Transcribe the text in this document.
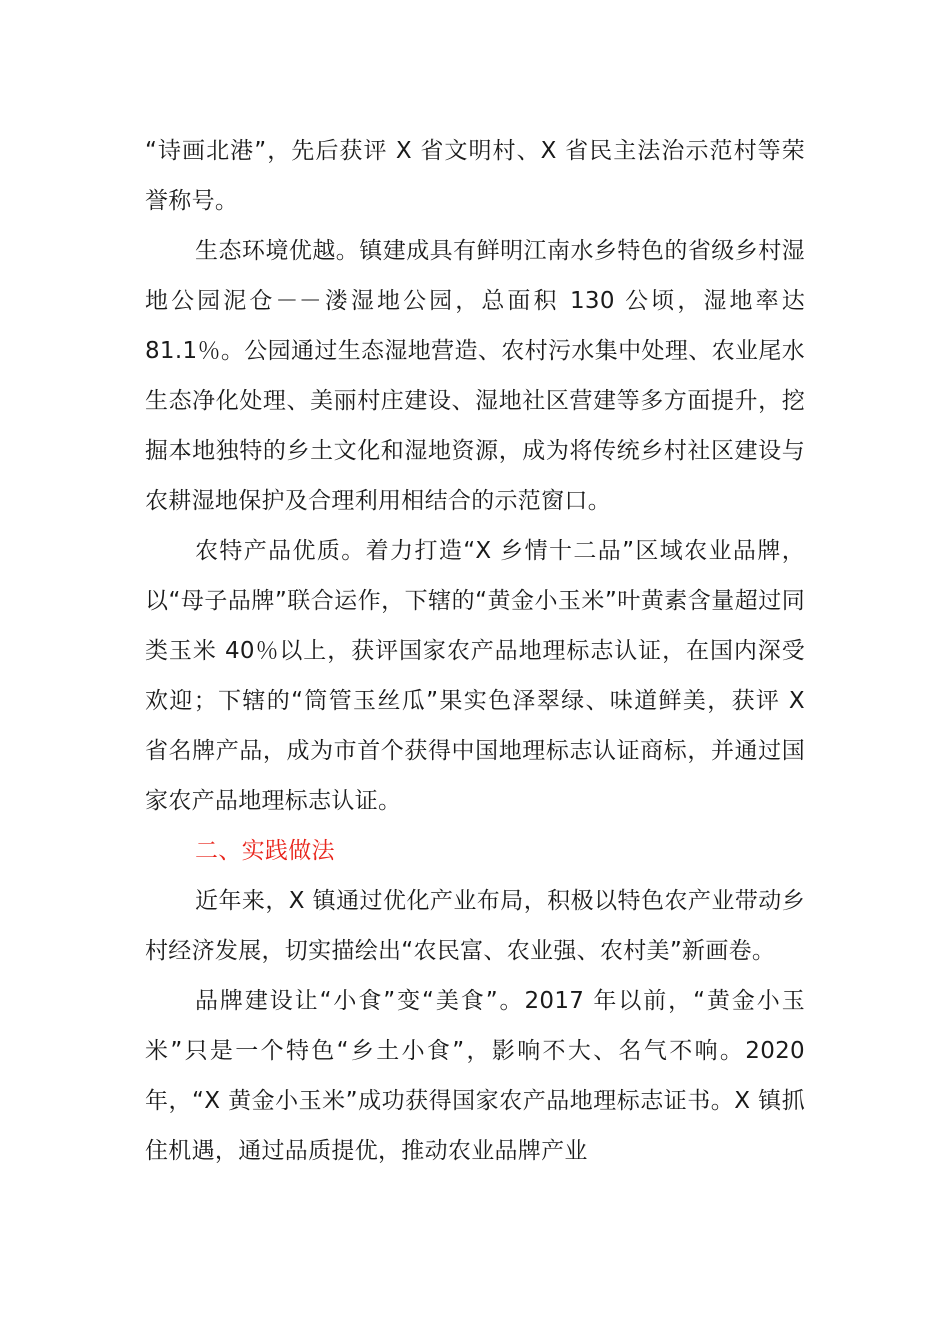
“诗画北港”，先后获评 X 省文明村、X 省民主法治示范村等荣誉称号。

生态环境优越。镇建成具有鲜明江南水乡特色的省级乡村湿地公园泥仓－－溇湿地公园，总面积 130 公顷，湿地率达 81.1％。公园通过生态湿地营造、农村污水集中处理、农业尾水生态净化处理、美丽村庄建设、湿地社区营建等多方面提升，挖掘本地独特的乡土文化和湿地资源，成为将传统乡村社区建设与农耕湿地保护及合理利用相结合的示范窗口。

农特产品优质。着力打造“X 乡情十二品”区域农业品牌，以“母子品牌”联合运作，下辖的“黄金小玉米”叶黄素含量超过同类玉米 40％以上，获评国家农产品地理标志认证，在国内深受欢迎；下辖的“筒管玉丝瓜”果实色泽翠绿、味道鲜美，获评 X 省名牌产品，成为市首个获得中国地理标志认证商标，并通过国家农产品地理标志认证。

二、实践做法

近年来，X 镇通过优化产业布局，积极以特色农产业带动乡村经济发展，切实描绘出“农民富、农业强、农村美”新画卷。

品牌建设让“小食”变“美食”。2017 年以前，“黄金小玉米”只是一个特色“乡土小食”，影响不大、名气不响。2020 年，“X 黄金小玉米”成功获得国家农产品地理标志证书。X 镇抓住机遇，通过品质提优，推动农业品牌产业
